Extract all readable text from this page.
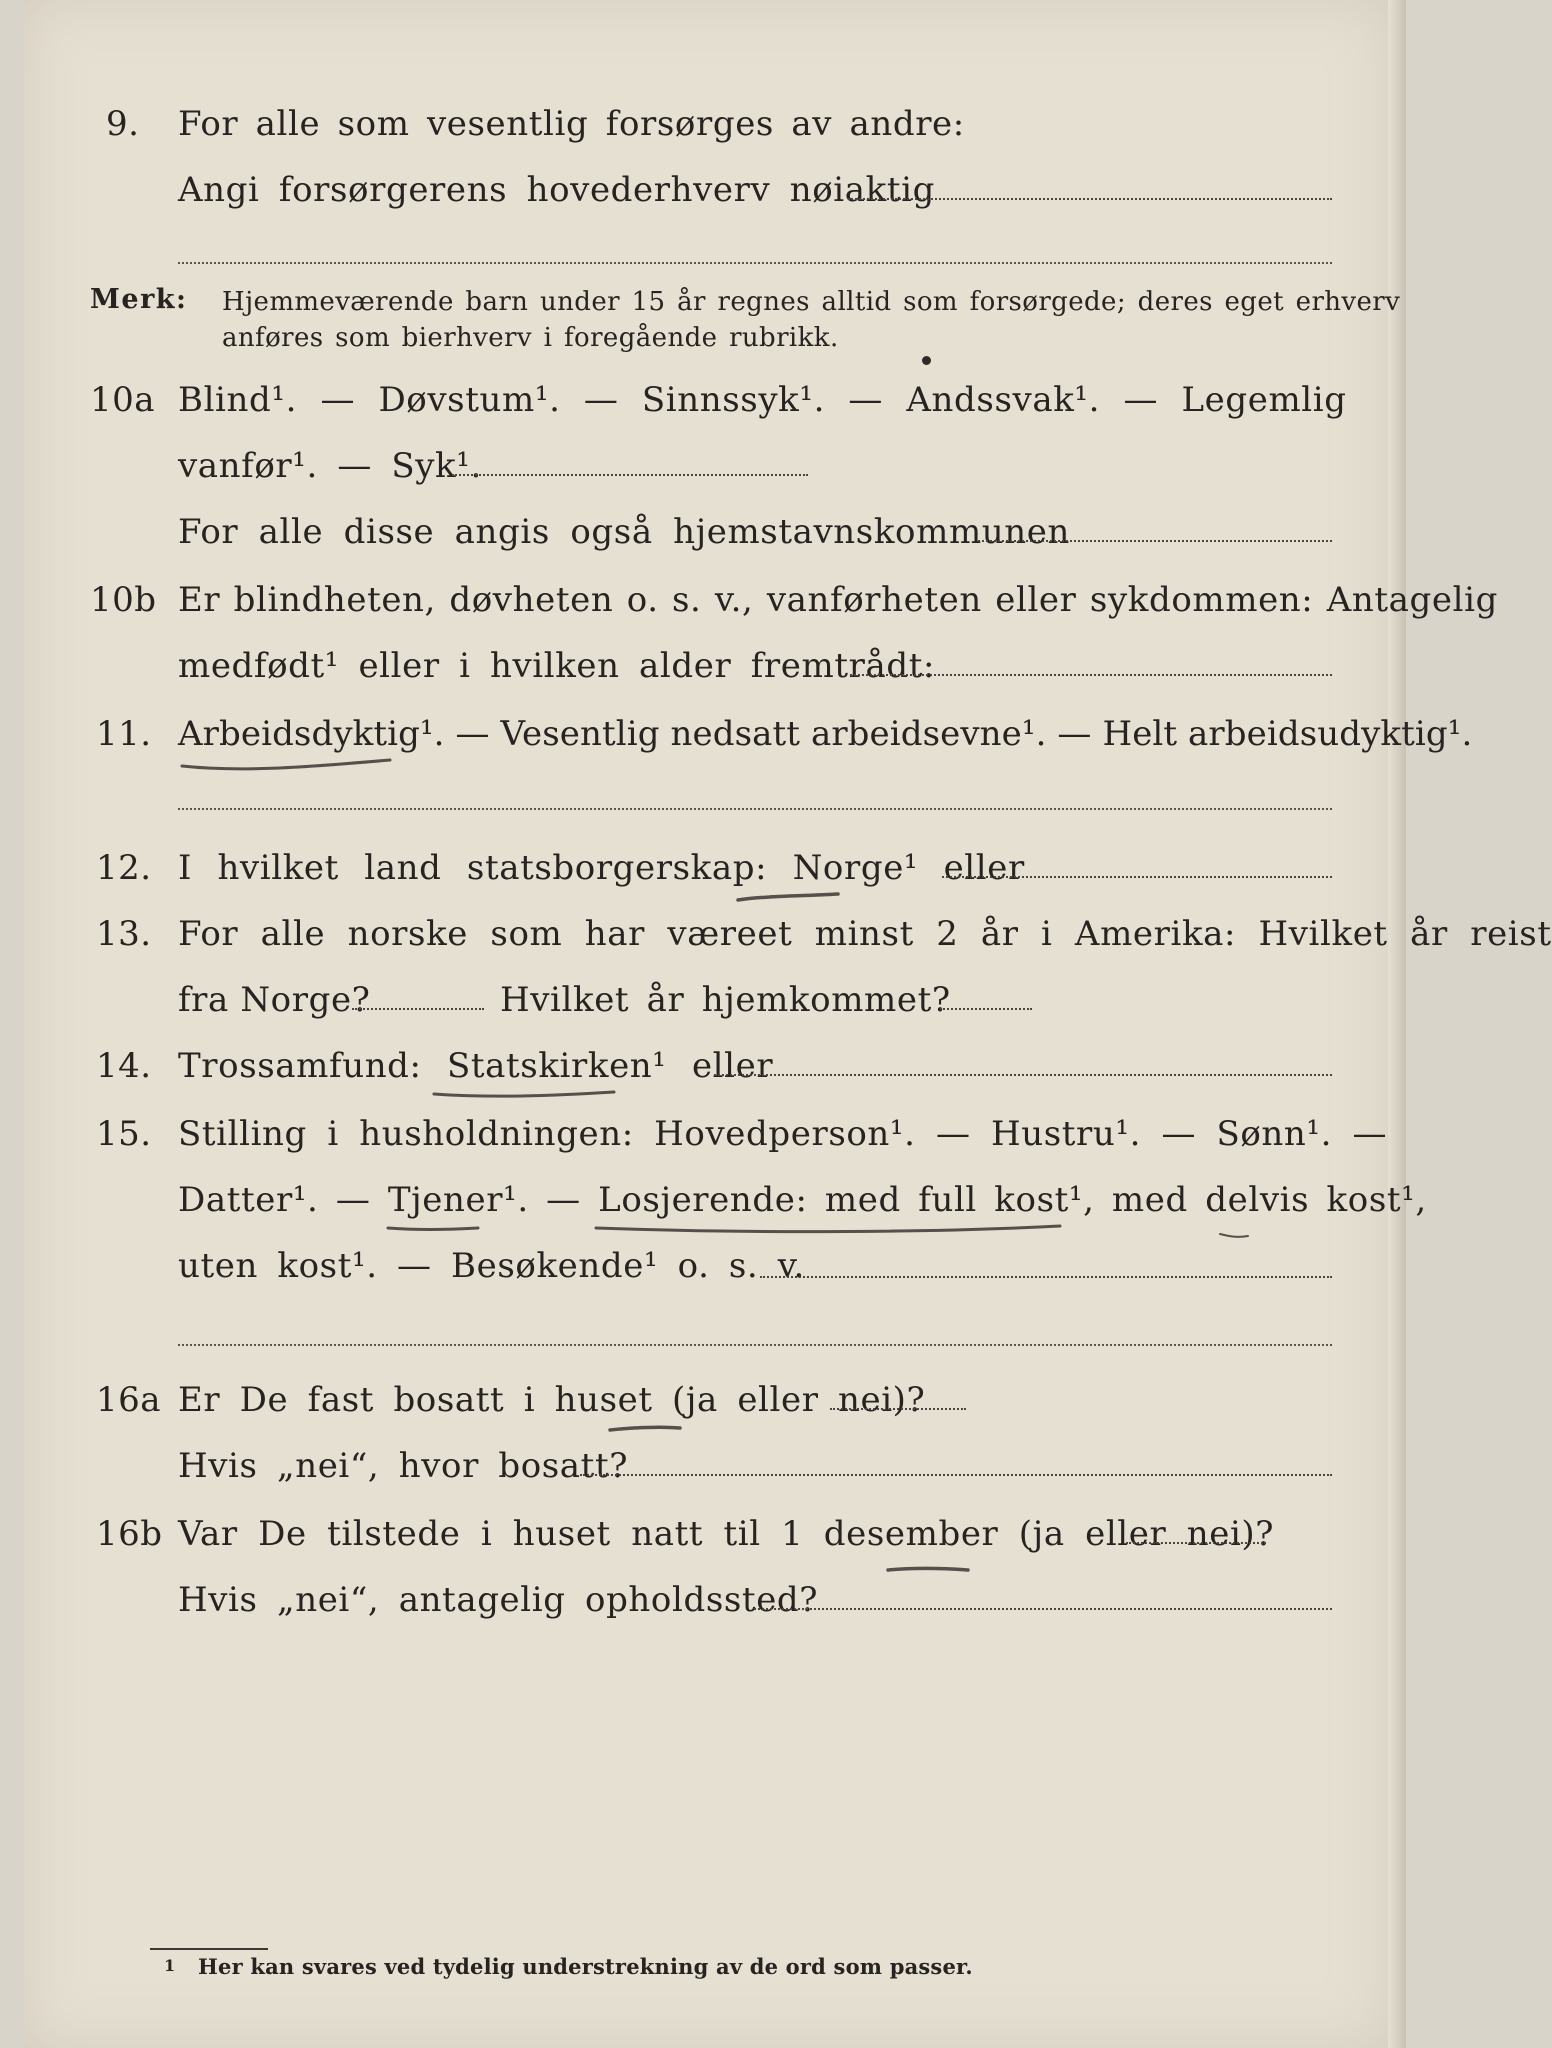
9. For alle som vesentlig forsørges av andre:
Angi forsørgerens hovederhverv nøiaktig
Merk: Hjemmeværende barn under 15 år regnes alltid som forsørgede; deres eget erhverv
anføres som bierhverv i foregående rubrikk.
10a Blind¹. — Døvstum¹. — Sinnssyk¹. — Andssvak¹. — Legemlig
vanfør¹. — Syk¹.
For alle disse angis også hjemstavnskommunen
10b Er blindheten, døvheten o. s. v., vanførheten eller sykdommen: Antagelig
medfødt¹ eller i hvilken alder fremtrådt:
11. Arbeidsdyktig¹. — Vesentlig nedsatt arbeidsevne¹. — Helt arbeidsudyktig¹.
12. I hvilket land statsborgerskap: Norge¹ eller
13. For alle norske som har væreet minst 2 år i Amerika: Hvilket år reist
fra Norge?	Hvilket år hjemkommet?
14. Trossamfund: Statskirken¹ eller
15. Stilling i husholdningen: Hovedperson¹. — Hustru¹. — Sønn¹. —
Datter¹. — Tjener¹. — Losjerende: med full kost¹, med delvis kost¹,
uten kost¹. — Besøkende¹ o. s. v.
16a Er De fast bosatt i huset (ja eller nei)?
Hvis „nei“, hvor bosatt?
16b Var De tilstede i huset natt til 1 desember (ja eller nei)?
Hvis „nei“, antagelig opholdssted?
1 Her kan svares ved tydelig understrekning av de ord som passer.
